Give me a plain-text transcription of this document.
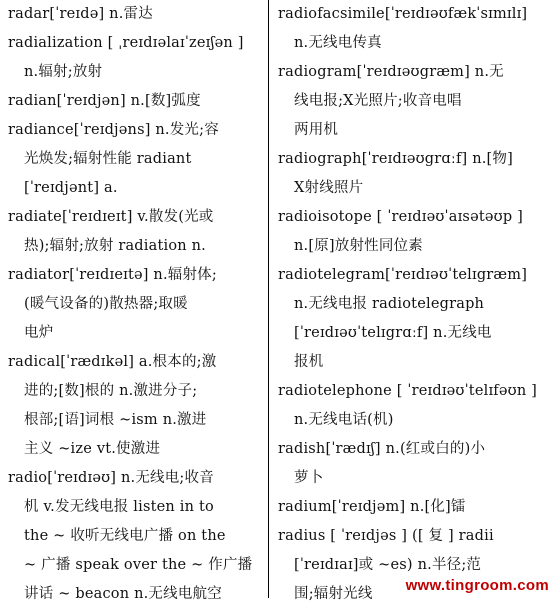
radar[ˈreɪdə] n.雷达
radialization [ ˌreɪdɪəlaɪˈzeɪʃən ]
n.辐射;放射
radian[ˈreɪdjən] n.[数]弧度
radiance[ˈreɪdjəns] n.发光;容
光焕发;辐射性能 radiant
[ˈreɪdjənt] a.
radiate[ˈreɪdɪeɪt] v.散发(光或
热);辐射;放射 radiation n.
radiator[ˈreɪdɪeɪtə] n.辐射体;
(暖气设备的)散热器;取暖
电炉
radical[ˈrædɪkəl] a.根本的;激
进的;[数]根的 n.激进分子;
根部;[语]词根 ~ism n.激进
主义 ~ize vt.使激进
radio[ˈreɪdɪəʊ] n.无线电;收音
机 v.发无线电报 listen in to
the ~ 收听无线电广播 on the
~ 广播 speak over the ~ 作广播
讲话 ~ beacon n.无线电航空
radiofacsimile[ˈreɪdɪəʊfækˈsɪmɪlɪ]
n.无线电传真
radiogram[ˈreɪdɪəʊgræm] n.无
线电报;X光照片;收音电唱
两用机
radiograph[ˈreɪdɪəʊgrɑːf] n.[物]
X射线照片
radioisotope [ ˈreɪdɪəʊˈaɪsətəʊp ]
n.[原]放射性同位素
radiotelegram[ˈreɪdɪəʊˈtelɪgræm]
n.无线电报 radiotelegraph
[ˈreɪdɪəʊˈtelɪgrɑːf] n.无线电
报机
radiotelephone [ ˈreɪdɪəʊˈtelɪfəʊn ]
n.无线电话(机)
radish[ˈrædɪʃ] n.(红或白的)小
萝卜
radium[ˈreɪdjəm] n.[化]镭
radius [ ˈreɪdjəs ] ([ 复 ] radii
[ˈreɪdɪaɪ]或 ~es) n.半径;范
围;辐射光线	www.tingroom.com
